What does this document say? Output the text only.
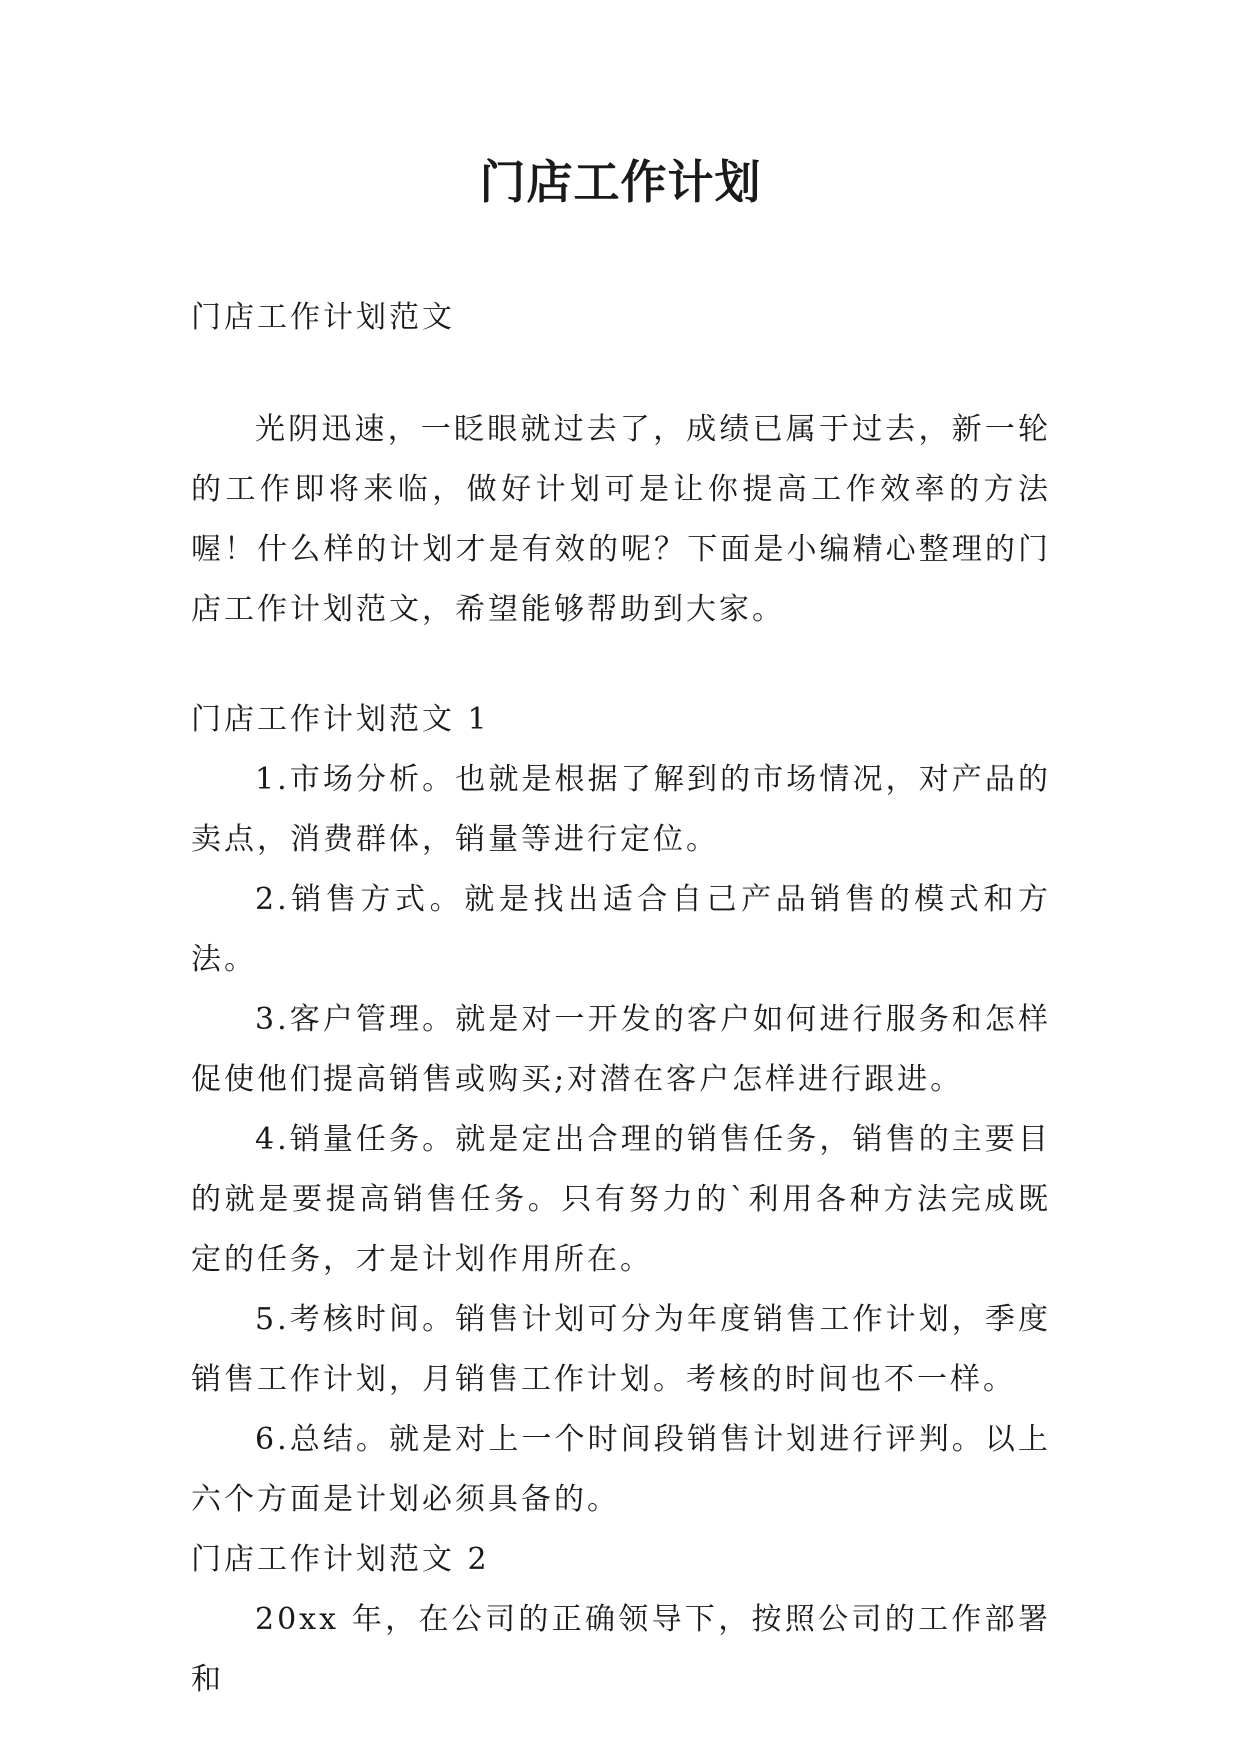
门店工作计划

门店工作计划范文

光阴迅速，一眨眼就过去了，成绩已属于过去，新一轮的工作即将来临，做好计划可是让你提高工作效率的方法喔！什么样的计划才是有效的呢？下面是小编精心整理的门店工作计划范文，希望能够帮助到大家。

门店工作计划范文 1

1.市场分析。也就是根据了解到的市场情况，对产品的卖点，消费群体，销量等进行定位。

2.销售方式。就是找出适合自己产品销售的模式和方法。

3.客户管理。就是对一开发的客户如何进行服务和怎样促使他们提高销售或购买;对潜在客户怎样进行跟进。

4.销量任务。就是定出合理的销售任务，销售的主要目的就是要提高销售任务。只有努力的`利用各种方法完成既定的任务，才是计划作用所在。

5.考核时间。销售计划可分为年度销售工作计划，季度销售工作计划，月销售工作计划。考核的时间也不一样。

6.总结。就是对上一个时间段销售计划进行评判。以上六个方面是计划必须具备的。

门店工作计划范文 2

20xx 年，在公司的正确领导下，按照公司的工作部署和
